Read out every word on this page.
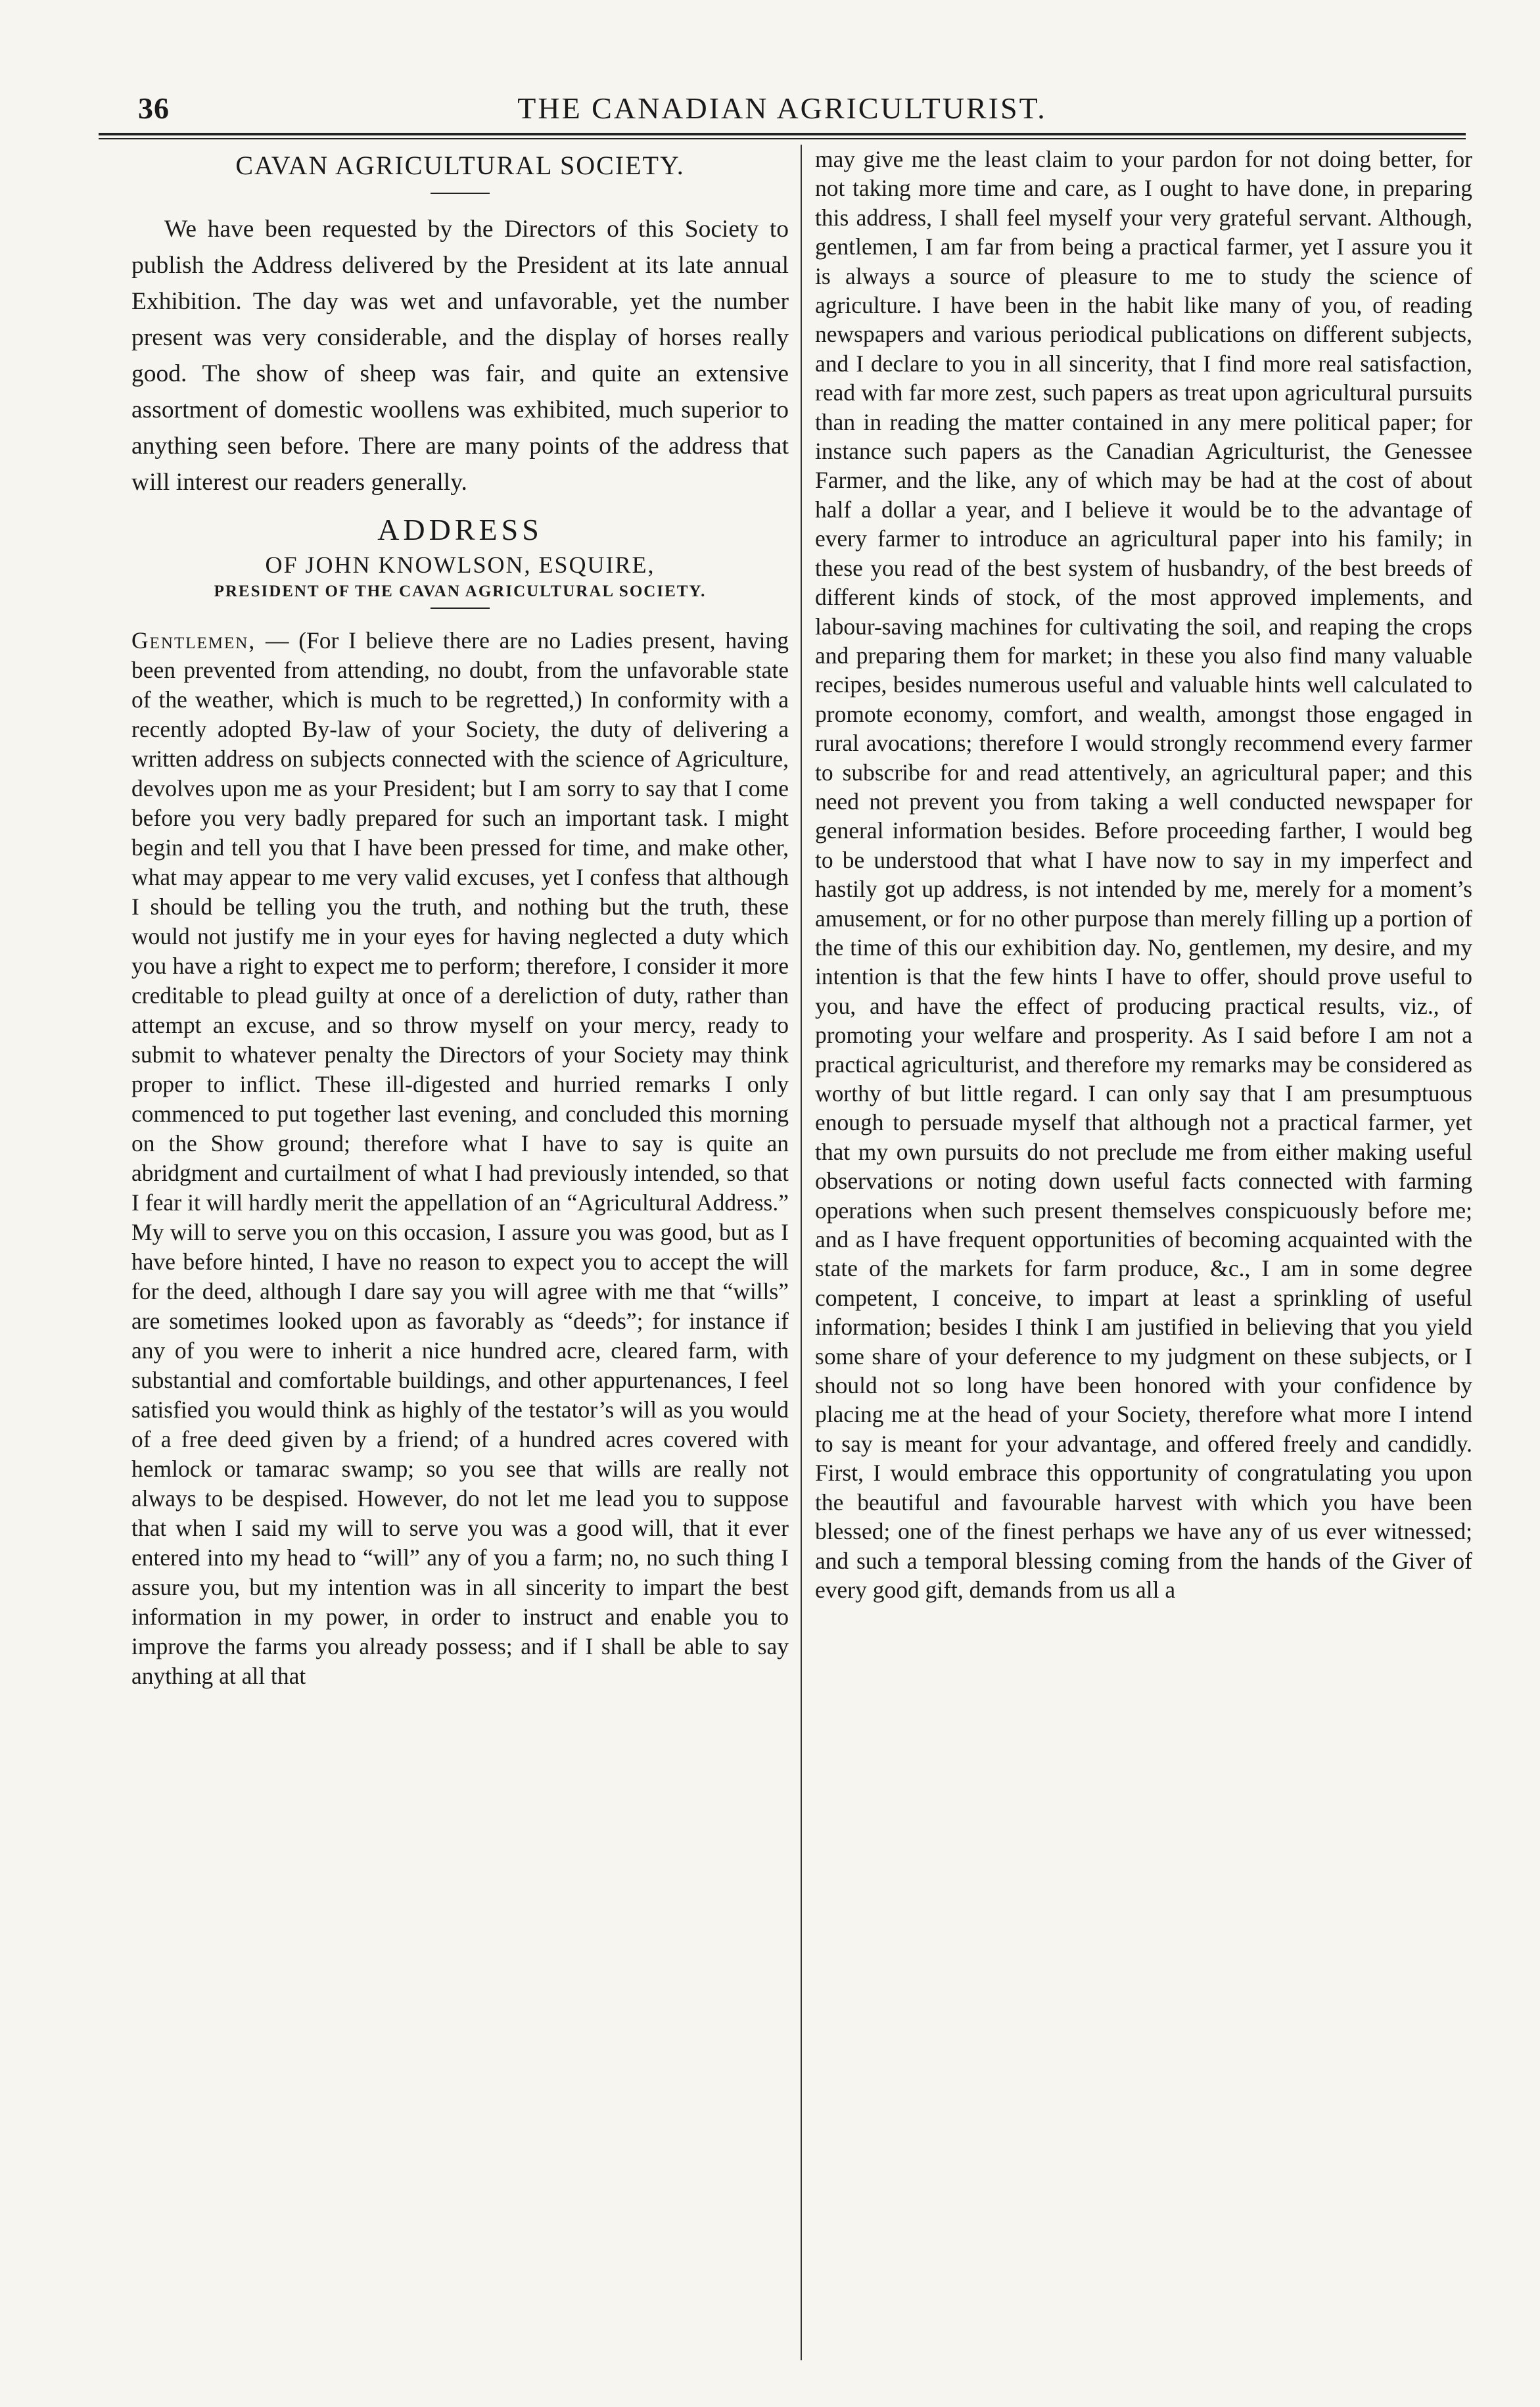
36	THE CANADIAN AGRICULTURIST.
CAVAN AGRICULTURAL SOCIETY.

We have been requested by the Directors of this Society to publish the Address delivered by the President at its late annual Exhibition. The day was wet and unfavorable, yet the number present was very considerable, and the display of horses really good. The show of sheep was fair, and quite an extensive assortment of domestic woollens was exhibited, much superior to anything seen before. There are many points of the address that will interest our readers generally.

ADDRESS
OF JOHN KNOWLSON, ESQUIRE,
PRESIDENT OF THE CAVAN AGRICULTURAL SOCIETY.

Gentlemen, — (For I believe there are no Ladies present, having been prevented from attending, no doubt, from the unfavorable state of the weather, which is much to be regretted,) In conformity with a recently adopted By-law of your Society, the duty of delivering a written address on subjects connected with the science of Agriculture, devolves upon me as your President; but I am sorry to say that I come before you very badly prepared for such an important task. I might begin and tell you that I have been pressed for time, and make other, what may appear to me very valid excuses, yet I confess that although I should be telling you the truth, and nothing but the truth, these would not justify me in your eyes for having neglected a duty which you have a right to expect me to perform; therefore, I consider it more creditable to plead guilty at once of a dereliction of duty, rather than attempt an excuse, and so throw myself on your mercy, ready to submit to whatever penalty the Directors of your Society may think proper to inflict. These ill-digested and hurried remarks I only commenced to put together last evening, and concluded this morning on the Show ground; therefore what I have to say is quite an abridgment and curtailment of what I had previously intended, so that I fear it will hardly merit the appellation of an “Agricultural Address.” My will to serve you on this occasion, I assure you was good, but as I have before hinted, I have no reason to expect you to accept the will for the deed, although I dare say you will agree with me that “wills” are sometimes looked upon as favorably as “deeds”; for instance if any of you were to inherit a nice hundred acre, cleared farm, with substantial and comfortable buildings, and other appurtenances, I feel satisfied you would think as highly of the testator’s will as you would of a free deed given by a friend; of a hundred acres covered with hemlock or tamarac swamp; so you see that wills are really not always to be despised. However, do not let me lead you to suppose that when I said my will to serve you was a good will, that it ever entered into my head to “will” any of you a farm; no, no such thing I assure you, but my intention was in all sincerity to impart the best information in my power, in order to instruct and enable you to improve the farms you already possess; and if I shall be able to say anything at all that

may give me the least claim to your pardon for not doing better, for not taking more time and care, as I ought to have done, in preparing this address, I shall feel myself your very grateful servant. Although, gentlemen, I am far from being a practical farmer, yet I assure you it is always a source of pleasure to me to study the science of agriculture. I have been in the habit like many of you, of reading newspapers and various periodical publications on different subjects, and I declare to you in all sincerity, that I find more real satisfaction, read with far more zest, such papers as treat upon agricultural pursuits than in reading the matter contained in any mere political paper; for instance such papers as the Canadian Agriculturist, the Genessee Farmer, and the like, any of which may be had at the cost of about half a dollar a year, and I believe it would be to the advantage of every farmer to introduce an agricultural paper into his family; in these you read of the best system of husbandry, of the best breeds of different kinds of stock, of the most approved implements, and labour-saving machines for cultivating the soil, and reaping the crops and preparing them for market; in these you also find many valuable recipes, besides numerous useful and valuable hints well calculated to promote economy, comfort, and wealth, amongst those engaged in rural avocations; therefore I would strongly recommend every farmer to subscribe for and read attentively, an agricultural paper; and this need not prevent you from taking a well conducted newspaper for general information besides. Before proceeding farther, I would beg to be understood that what I have now to say in my imperfect and hastily got up address, is not intended by me, merely for a moment’s amusement, or for no other purpose than merely filling up a portion of the time of this our exhibition day. No, gentlemen, my desire, and my intention is that the few hints I have to offer, should prove useful to you, and have the effect of producing practical results, viz., of promoting your welfare and prosperity. As I said before I am not a practical agriculturist, and therefore my remarks may be considered as worthy of but little regard. I can only say that I am presumptuous enough to persuade myself that although not a practical farmer, yet that my own pursuits do not preclude me from either making useful observations or noting down useful facts connected with farming operations when such present themselves conspicuously before me; and as I have frequent opportunities of becoming acquainted with the state of the markets for farm produce, &c., I am in some degree competent, I conceive, to impart at least a sprinkling of useful information; besides I think I am justified in believing that you yield some share of your deference to my judgment on these subjects, or I should not so long have been honored with your confidence by placing me at the head of your Society, therefore what more I intend to say is meant for your advantage, and offered freely and candidly. First, I would embrace this opportunity of congratulating you upon the beautiful and favourable harvest with which you have been blessed; one of the finest perhaps we have any of us ever witnessed; and such a temporal blessing coming from the hands of the Giver of every good gift, demands from us all a
